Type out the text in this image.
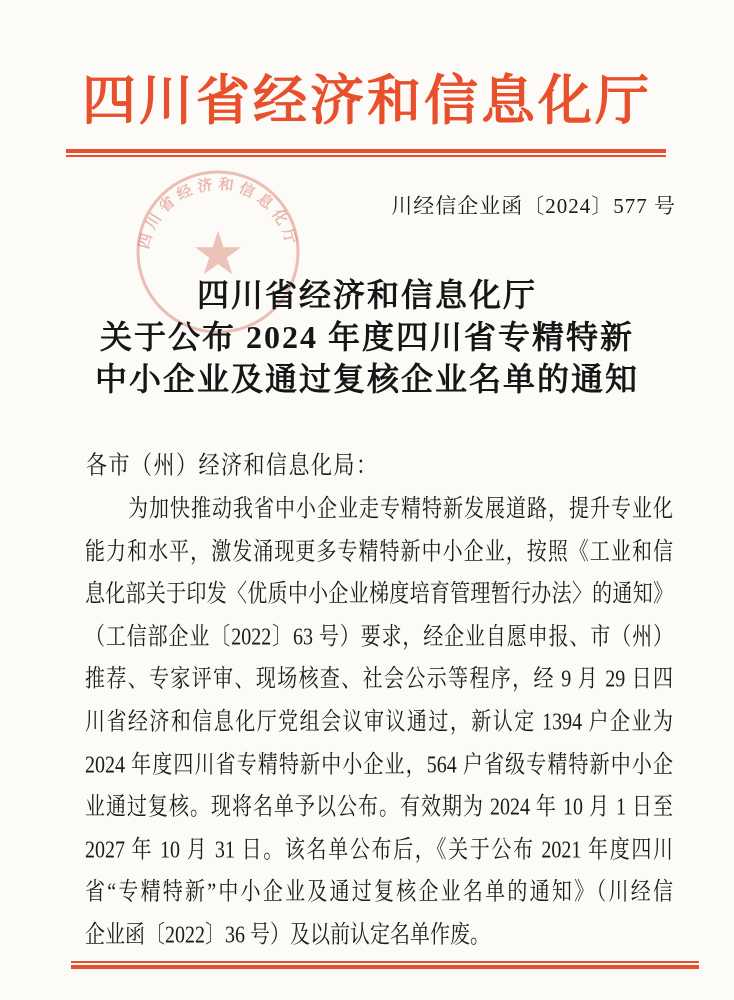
四川省经济和信息化厅
川经信企业函〔2024〕577 号
四川省经济和信息化厅
★
四川省经济和信息化厅
关于公布 2024 年度四川省专精特新
中小企业及通过复核企业名单的通知
各市（州）经济和信息化局：
为加快推动我省中小企业走专精特新发展道路，提升专业化
能力和水平，激发涌现更多专精特新中小企业，按照《工业和信
息化部关于印发〈优质中小企业梯度培育管理暂行办法〉的通知》
（工信部企业〔2022〕63 号）要求，经企业自愿申报、市（州）
推荐、专家评审、现场核查、社会公示等程序，经 9 月 29 日四
川省经济和信息化厅党组会议审议通过，新认定 1394 户企业为
2024 年度四川省专精特新中小企业，564 户省级专精特新中小企
业通过复核。现将名单予以公布。有效期为 2024 年 10 月 1 日至
2027 年 10 月 31 日。该名单公布后，《关于公布 2021 年度四川
省“专精特新”中小企业及通过复核企业名单的通知》（川经信
企业函〔2022〕36 号）及以前认定名单作废。
